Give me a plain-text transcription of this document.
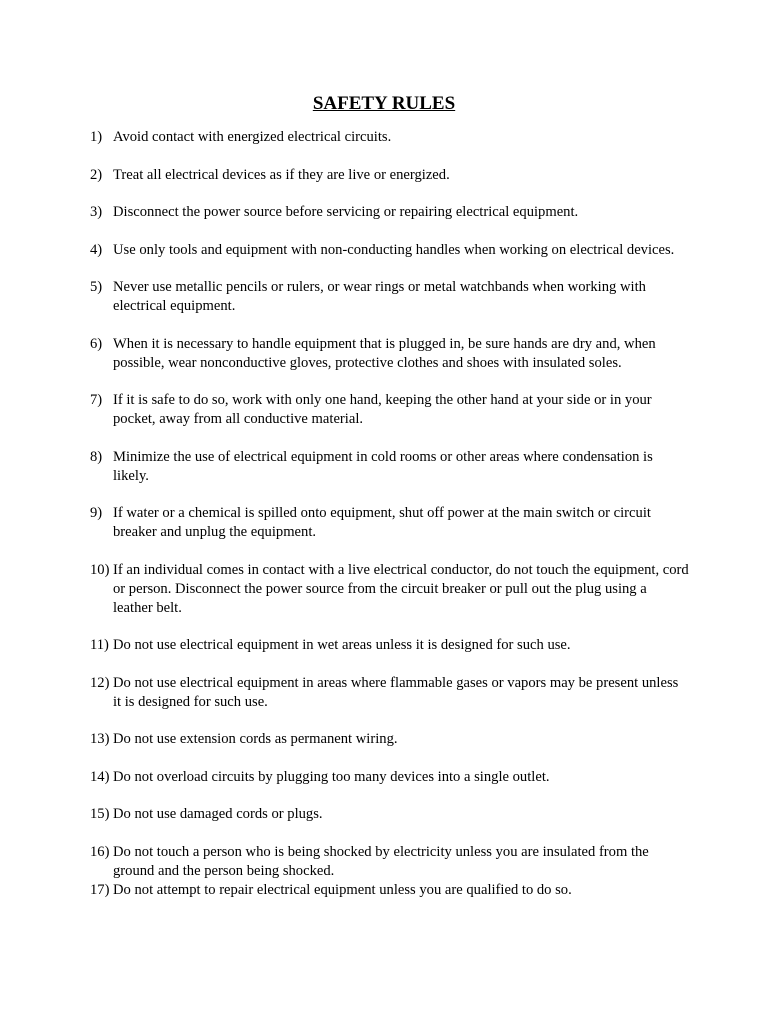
SAFETY RULES
1) Avoid contact with energized electrical circuits.
2) Treat all electrical devices as if they are live or energized.
3) Disconnect the power source before servicing or repairing electrical equipment.
4) Use only tools and equipment with non-conducting handles when working on electrical devices.
5) Never use metallic pencils or rulers, or wear rings or metal watchbands when working with electrical equipment.
6) When it is necessary to handle equipment that is plugged in, be sure hands are dry and, when possible, wear nonconductive gloves, protective clothes and shoes with insulated soles.
7) If it is safe to do so, work with only one hand, keeping the other hand at your side or in your pocket, away from all conductive material.
8) Minimize the use of electrical equipment in cold rooms or other areas where condensation is likely.
9) If water or a chemical is spilled onto equipment, shut off power at the main switch or circuit breaker and unplug the equipment.
10) If an individual comes in contact with a live electrical conductor, do not touch the equipment, cord or person. Disconnect the power source from the circuit breaker or pull out the plug using a leather belt.
11) Do not use electrical equipment in wet areas unless it is designed for such use.
12) Do not use electrical equipment in areas where flammable gases or vapors may be present unless it is designed for such use.
13) Do not use extension cords as permanent wiring.
14) Do not overload circuits by plugging too many devices into a single outlet.
15) Do not use damaged cords or plugs.
16) Do not touch a person who is being shocked by electricity unless you are insulated from the ground and the person being shocked.
17) Do not attempt to repair electrical equipment unless you are qualified to do so.
